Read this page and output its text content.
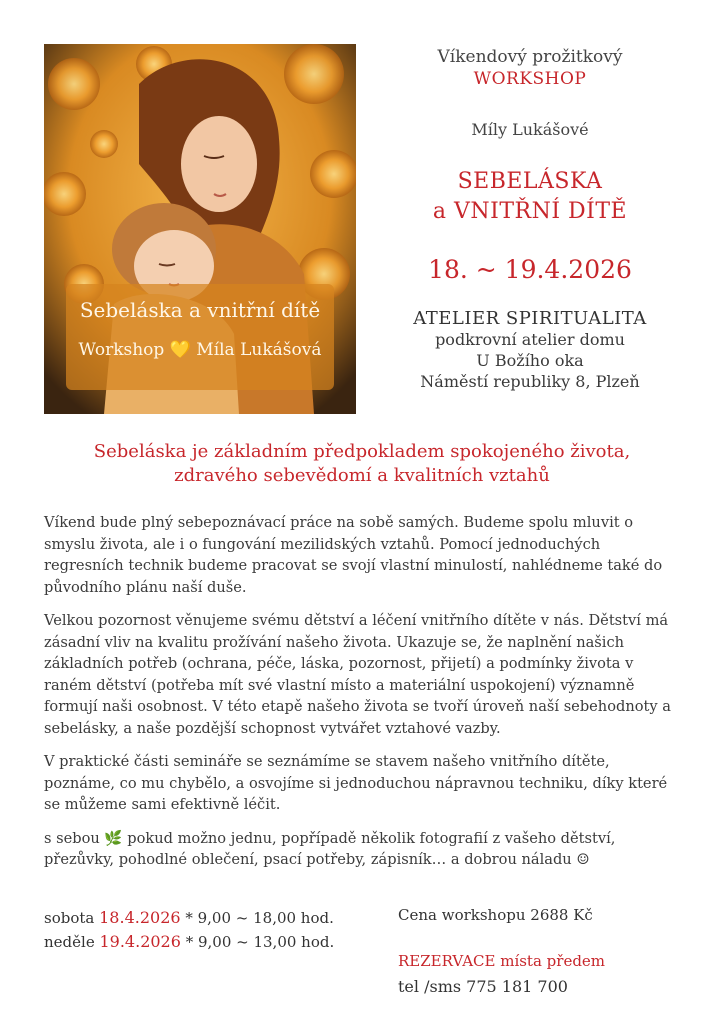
Sebeláska a vnitřní dítě
Workshop 💛 Míla Lukášová
Víkendový prožitkový
WORKSHOP
Míly Lukášové
SEBELÁSKA
a VNITŘNÍ DÍTĚ
18. ~ 19.4.2026
ATELIER SPIRITUALITA
podkrovní atelier domu
U Božího oka
Náměstí republiky 8, Plzeň
Sebeláska je základním předpokladem spokojeného života,
zdravého sebevědomí a kvalitních vztahů

Víkend bude plný sebepoznávací práce na sobě samých. Budeme spolu mluvit o smyslu života, ale i o fungování mezilidských vztahů. Pomocí jednoduchých regresních technik budeme pracovat se svojí vlastní minulostí, nahlédneme také do původního plánu naší duše.

Velkou pozornost věnujeme svému dětství a léčení vnitřního dítěte v nás. Dětství má zásadní vliv na kvalitu prožívání našeho života. Ukazuje se, že naplnění našich základních potřeb (ochrana, péče, láska, pozornost, přijetí) a podmínky života v raném dětství (potřeba mít své vlastní místo a materiální uspokojení) významně formují naši osobnost. V této etapě našeho života se tvoří úroveň naší sebehodnoty a sebelásky, a naše pozdější schopnost vytvářet vztahové vazby.

V praktické části semináře se seznámíme se stavem našeho vnitřního dítěte, poznáme, co mu chybělo, a osvojíme si jednoduchou nápravnou techniku, díky které se můžeme sami efektivně léčit.

s sebou 🌿 pokud možno jednu, popřípadě několik fotografií z vašeho dětství, přezůvky, pohodlné oblečení, psací potřeby, zápisník… a dobrou náladu ☺

sobota 18.4.2026 * 9,00 ~ 18,00 hod.
neděle 19.4.2026 * 9,00 ~ 13,00 hod.
Cena workshopu 2688 Kč
REZERVACE místa předem
tel /sms 775 181 700
